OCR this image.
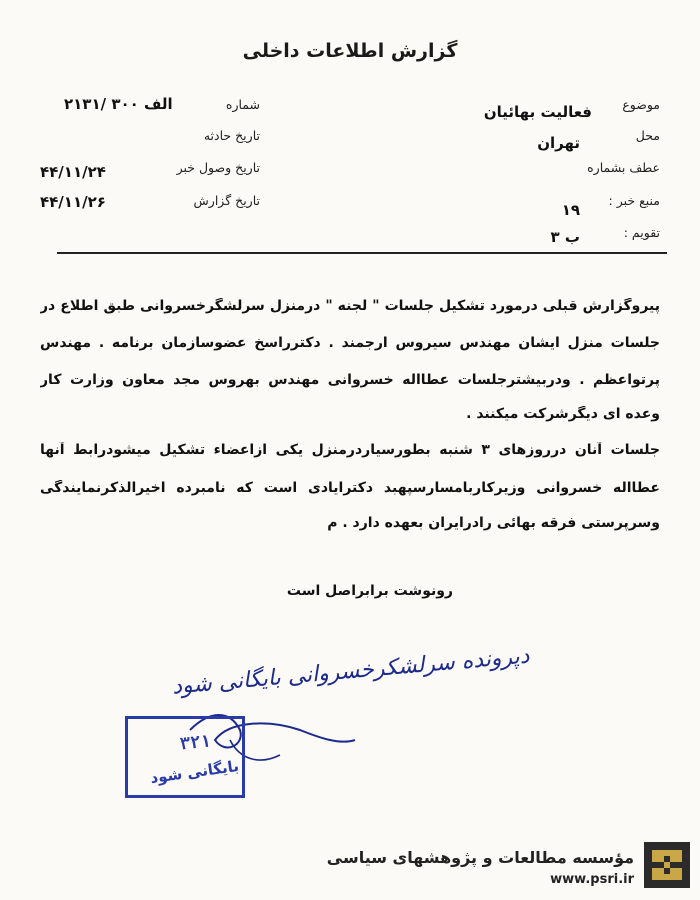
گزارش اطلاعات داخلی
شماره
۲۱۳۱/ ۳۰۰ الف
تاریخ حادثه
تاریخ وصول خبر
۴۴/۱۱/۲۴
تاریخ گزارش
۴۴/۱۱/۲۶
موضوع
فعالیت بهائیان
محل
تهران
عطف بشماره
منبع خبر :
۱۹
تقویم :
ب ۳
پیروگزارش قبلی درمورد تشکیل جلسات " لجنه " درمنزل سرلشگرخسروانی طبق اطلاع در
جلسات منزل ایشان مهندس سیروس ارجمند . دکترراسخ عضوسازمان برنامه . مهندس
پرتواعظم . ودربیشترجلسات عطااله خسروانی مهندس بهروس مجد معاون وزارت کار
وعده ای دیگرشرکت میکنند .
جلسات آنان درروزهای ۳ شنبه بطورسیاردرمنزل یکی ازاعضاء تشکیل میشودرابط آنها
عطااله خسروانی وزیرکاربامسارسپهبد دکترایادی است که نامبرده اخیرالذکرنمایندگی
وسرپرستی فرقه بهائی رادرایران بعهده دارد . م
رونوشت برابراصل است
دپرونده سرلشکرخسروانی بایگانی شود
۳۲۱
بایگانی شود
مؤسسه مطالعات و پژوهشهای سیاسی
www.psri.ir
